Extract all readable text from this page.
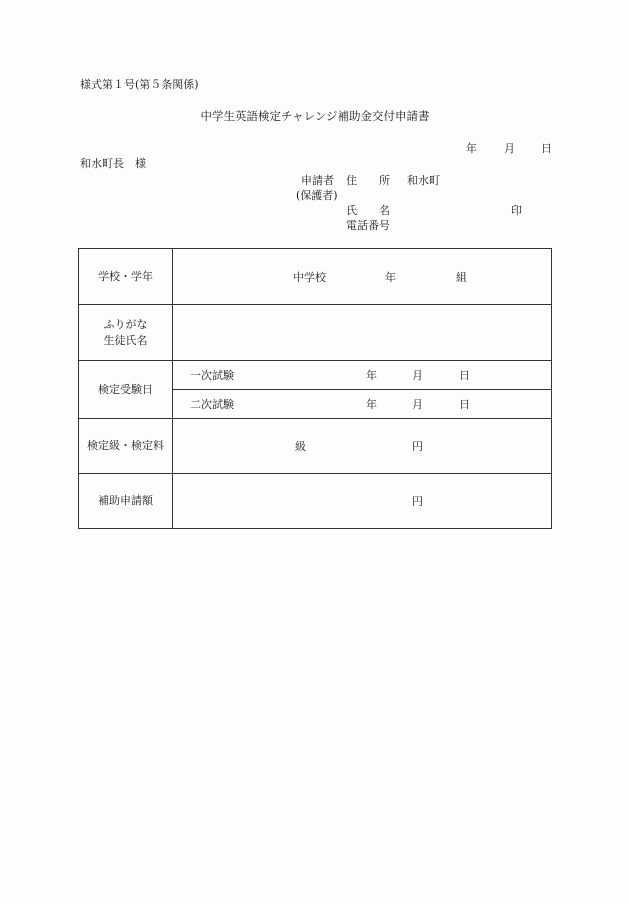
様式第１号(第５条関係)
中学生英語検定チャレンジ補助金交付申請書
年 月 日
和水町長　様
申請者
(保護者)
住　　所 和水町
氏　　名	印
電話番号
学校・学年	中学校 年 組

ふりがな
生徒氏名	

検定受験日	一次試験 年 月 日

	二次試験 年 月 日

検定級・検定料	級 円

補助申請額	円
